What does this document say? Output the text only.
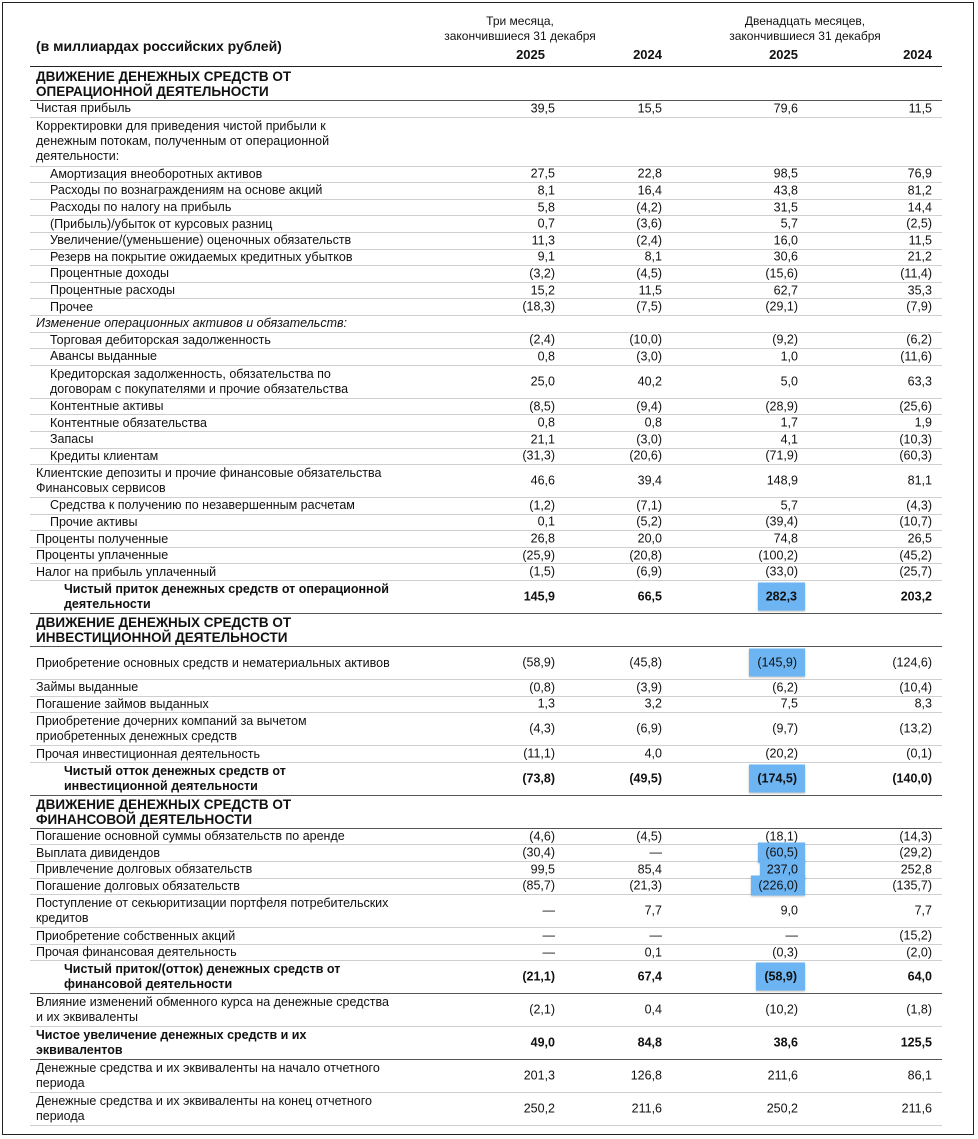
(в миллиардах российских рублей)
Три месяца,
закончившиеся 31 декабря
Двенадцать месяцев,
закончившиеся 31 декабря
2025	2024	2025	2024
ДВИЖЕНИЕ ДЕНЕЖНЫХ СРЕДСТВ ОТ ОПЕРАЦИОННОЙ ДЕЯТЕЛЬНОСТИ
Чистая прибыль	39,5	15,5	79,6	11,5
Корректировки для приведения чистой прибыли к денежным потокам, полученным от операционной деятельности:
Амортизация внеоборотных активов	27,5	22,8	98,5	76,9
Расходы по вознаграждениям на основе акций	8,1	16,4	43,8	81,2
Расходы по налогу на прибыль	5,8	(4,2)	31,5	14,4
(Прибыль)/убыток от курсовых разниц	0,7	(3,6)	5,7	(2,5)
Увеличение/(уменьшение) оценочных обязательств	11,3	(2,4)	16,0	11,5
Резерв на покрытие ожидаемых кредитных убытков	9,1	8,1	30,6	21,2
Процентные доходы	(3,2)	(4,5)	(15,6)	(11,4)
Процентные расходы	15,2	11,5	62,7	35,3
Прочее	(18,3)	(7,5)	(29,1)	(7,9)
Изменение операционных активов и обязательств:
Торговая дебиторская задолженность	(2,4)	(10,0)	(9,2)	(6,2)
Авансы выданные	0,8	(3,0)	1,0	(11,6)
Кредиторская задолженность, обязательства по договорам с покупателями и прочие обязательства
25,0	40,2	5,0	63,3
Контентные активы	(8,5)	(9,4)	(28,9)	(25,6)
Контентные обязательства	0,8	0,8	1,7	1,9
Запасы	21,1	(3,0)	4,1	(10,3)
Кредиты клиентам	(31,3)	(20,6)	(71,9)	(60,3)
Клиентские депозиты и прочие финансовые обязательства Финансовых сервисов
46,6	39,4	148,9	81,1
Средства к получению по незавершенным расчетам	(1,2)	(7,1)	5,7	(4,3)
Прочие активы	0,1	(5,2)	(39,4)	(10,7)
Проценты полученные	26,8	20,0	74,8	26,5
Проценты уплаченные	(25,9)	(20,8)	(100,2)	(45,2)
Налог на прибыль уплаченный	(1,5)	(6,9)	(33,0)	(25,7)
Чистый приток денежных средств от операционной деятельности
145,9	66,5	282,3	203,2
ДВИЖЕНИЕ ДЕНЕЖНЫХ СРЕДСТВ ОТ ИНВЕСТИЦИОННОЙ ДЕЯТЕЛЬНОСТИ
Приобретение основных средств и нематериальных активов	(58,9)	(45,8)	(145,9)	(124,6)
Займы выданные	(0,8)	(3,9)	(6,2)	(10,4)
Погашение займов выданных	1,3	3,2	7,5	8,3
Приобретение дочерних компаний за вычетом приобретенных денежных средств
(4,3)	(6,9)	(9,7)	(13,2)
Прочая инвестиционная деятельность	(11,1)	4,0	(20,2)	(0,1)
Чистый отток денежных средств от инвестиционной деятельности
(73,8)	(49,5)	(174,5)	(140,0)
ДВИЖЕНИЕ ДЕНЕЖНЫХ СРЕДСТВ ОТ ФИНАНСОВОЙ ДЕЯТЕЛЬНОСТИ
Погашение основной суммы обязательств по аренде	(4,6)	(4,5)	(18,1)	(14,3)
Выплата дивидендов	(30,4)	—	(60,5)	(29,2)
Привлечение долговых обязательств	99,5	85,4	237,0	252,8
Погашение долговых обязательств	(85,7)	(21,3)	(226,0)	(135,7)
Поступление от секьюритизации портфеля потребительских кредитов
—	7,7	9,0	7,7
Приобретение собственных акций	—	—	—	(15,2)
Прочая финансовая деятельность	—	0,1	(0,3)	(2,0)
Чистый приток/(отток) денежных средств от финансовой деятельности
(21,1)	67,4	(58,9)	64,0
Влияние изменений обменного курса на денежные средства и их эквиваленты
(2,1)	0,4	(10,2)	(1,8)
Чистое увеличение денежных средств и их эквивалентов
49,0	84,8	38,6	125,5
Денежные средства и их эквиваленты на начало отчетного периода
201,3	126,8	211,6	86,1
Денежные средства и их эквиваленты на конец отчетного периода
250,2	211,6	250,2	211,6
